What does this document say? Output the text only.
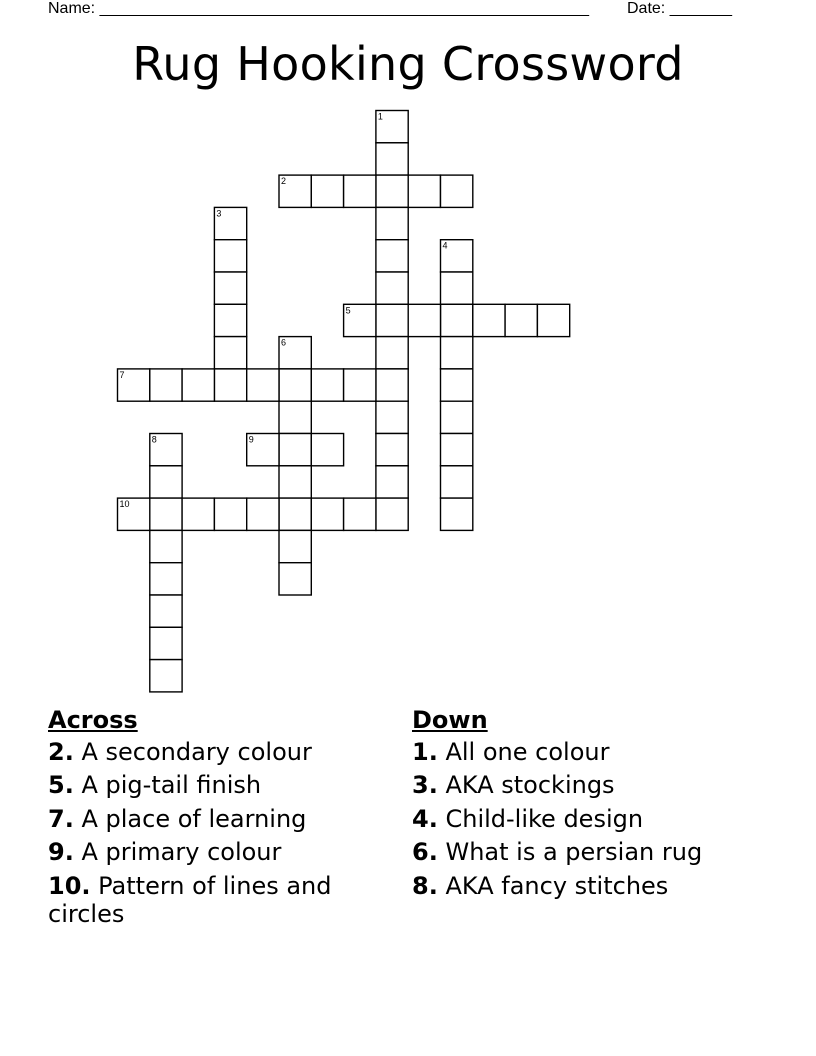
Name: _______________________________________________________ Date: _______
Rug Hooking Crossword
1
2
3
4
5
6
7
8	9
10
Across
2. A secondary colour
5. A pig-tail finish
7. A place of learning
9. A primary colour
10. Pattern of lines and circles
Down
1. All one colour
3. AKA stockings
4. Child-like design
6. What is a persian rug
8. AKA fancy stitches
